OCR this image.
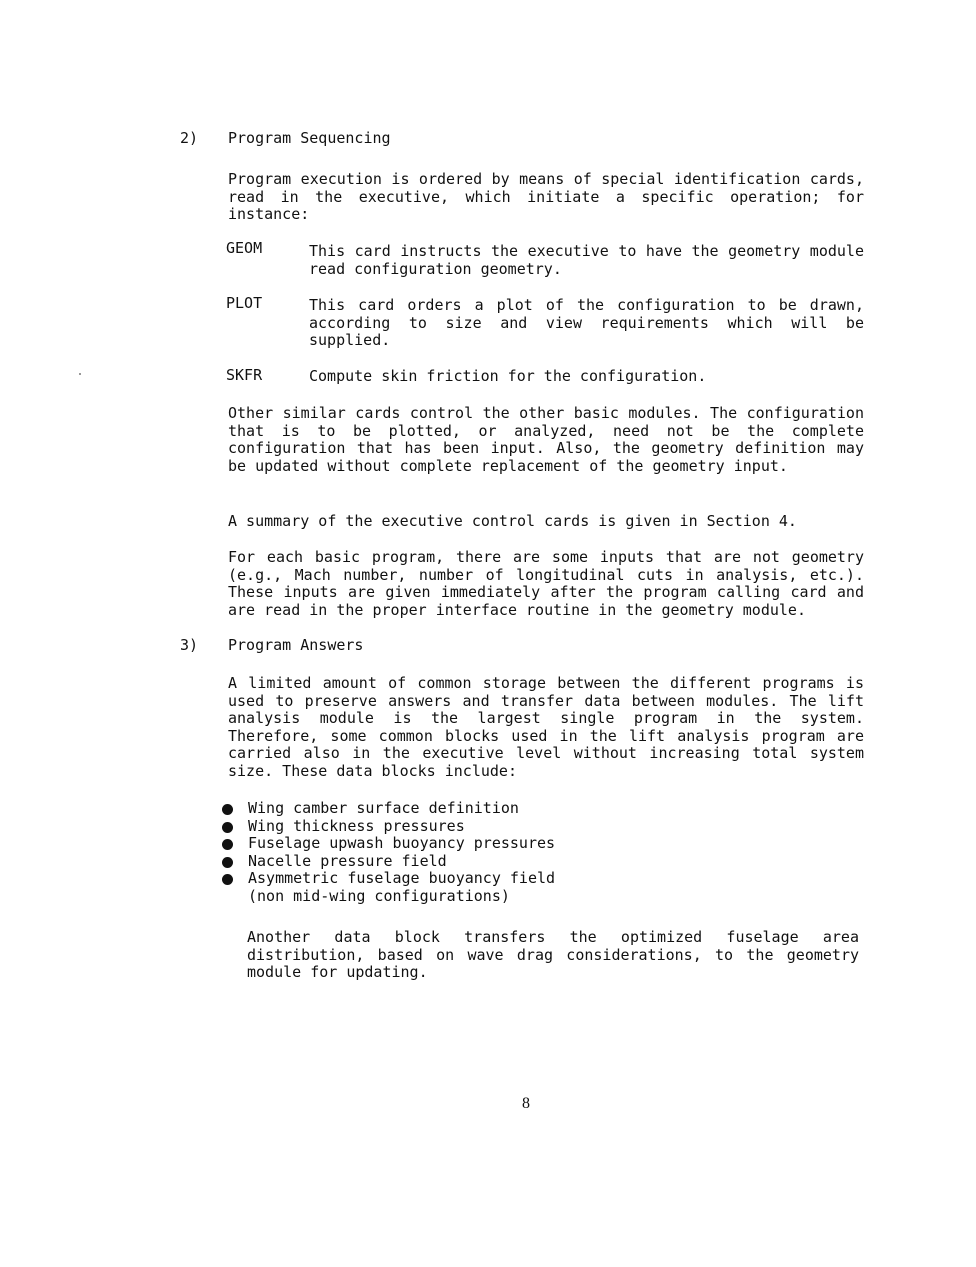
2) Program Sequencing

Program execution is ordered by means of special identification cards, read in the executive, which initiate a specific operation; for instance:

GEOM	This card instructs the executive to have the geometry module read configuration geometry.

PLOT	This card orders a plot of the configuration to be drawn, according to size and view requirements which will be supplied.

SKFR	Compute skin friction for the configuration.

Other similar cards control the other basic modules. The configuration that is to be plotted, or analyzed, need not be the complete configuration that has been input. Also, the geometry definition may be updated without complete replacement of the geometry input.

A summary of the executive control cards is given in Section 4.

For each basic program, there are some inputs that are not geometry (e.g., Mach number, number of longitudinal cuts in analysis, etc.). These inputs are given immediately after the program calling card and are read in the proper interface routine in the geometry module.

3) Program Answers

A limited amount of common storage between the different programs is used to preserve answers and transfer data between modules. The lift analysis module is the largest single program in the system. Therefore, some common blocks used in the lift analysis program are carried also in the executive level without increasing total system size. These data blocks include:

Wing camber surface definition
Wing thickness pressures
Fuselage upwash buoyancy pressures
Nacelle pressure field
Asymmetric fuselage buoyancy field
(non mid-wing configurations)

Another data block transfers the optimized fuselage area distribution, based on wave drag considerations, to the geometry module for updating.

8
